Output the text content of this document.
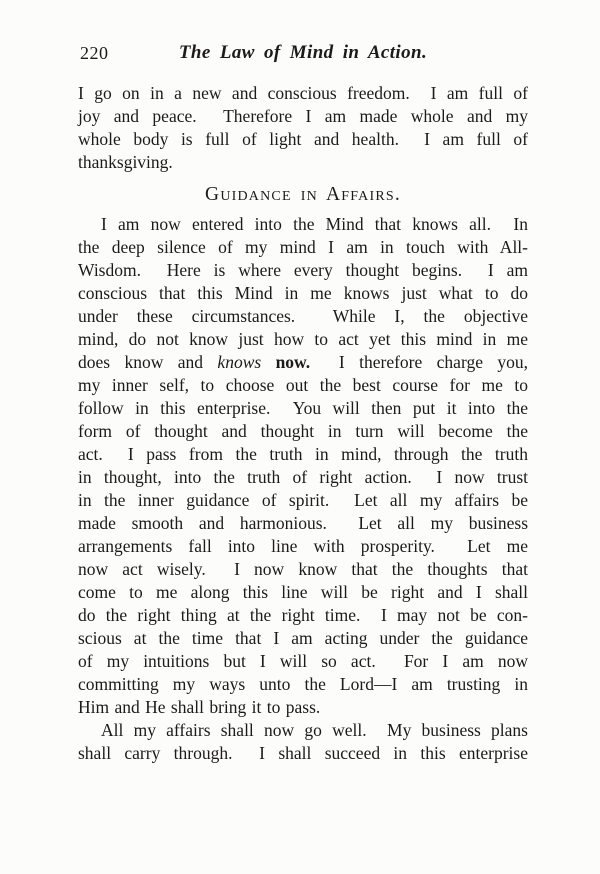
220	The Law of Mind in Action.
I go on in a new and conscious freedom.  I am full of
joy and peace.  Therefore I am made whole and my
whole body is full of light and health.  I am full of
thanksgiving.
Guidance in Affairs.
I am now entered into the Mind that knows all.  In
the deep silence of my mind I am in touch with All-
Wisdom.  Here is where every thought begins.  I am
conscious that this Mind in me knows just what to do
under these circumstances.  While I, the objective
mind, do not know just how to act yet this mind in me
does know and knows now.  I therefore charge you,
my inner self, to choose out the best course for me to
follow in this enterprise.  You will then put it into the
form of thought and thought in turn will become the
act.  I pass from the truth in mind, through the truth
in thought, into the truth of right action.  I now trust
in the inner guidance of spirit.  Let all my affairs be
made smooth and harmonious.  Let all my business
arrangements fall into line with prosperity.  Let me
now act wisely.  I now know that the thoughts that
come to me along this line will be right and I shall
do the right thing at the right time.  I may not be con-
scious at the time that I am acting under the guidance
of my intuitions but I will so act.  For I am now
committing my ways unto the Lord—I am trusting in
Him and He shall bring it to pass.
All my affairs shall now go well.  My business plans
shall carry through.  I shall succeed in this enterprise
